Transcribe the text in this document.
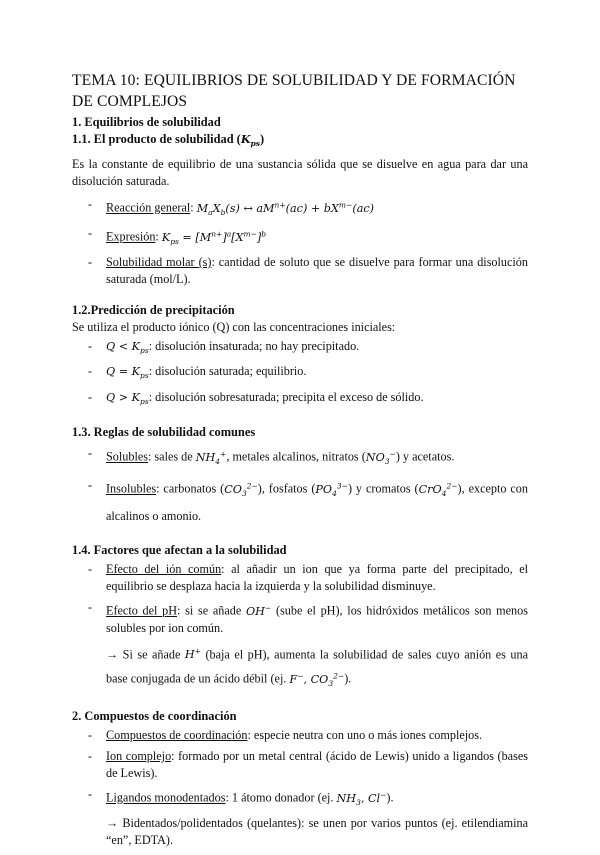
TEMA 10: EQUILIBRIOS DE SOLUBILIDAD Y DE FORMACIÓN DE COMPLEJOS
1. Equilibrios de solubilidad
1.1. El producto de solubilidad $(K_{ps})$

Es la constante de equilibrio de una sustancia sólida que se disuelve en agua para dar una disolución saturada.

- Reacción general: $M_aX_b(s)$ ↔ $aM^{n+}(ac) + bX^{m-}(ac)$
- Expresión: $K_{ps} = [M^{n+}]^a[X^{m-}]^b$
- Solubilidad molar (s): cantidad de soluto que se disuelve para formar una disolución saturada (mol/L).
1.2.Predicción de precipitación
Se utiliza el producto iónico (Q) con las concentraciones iniciales:
- $Q < K_{ps}$: disolución insaturada; no hay precipitado.
- $Q = K_{ps}$: disolución saturada; equilibrio.
- $Q > K_{ps}$: disolución sobresaturada; precipita el exceso de sólido.
1.3. Reglas de solubilidad comunes
- Solubles: sales de $NH_4^+$, metales alcalinos, nitratos $(NO_3^-)$ y acetatos.
- Insolubles: carbonatos $(CO_3^{2-})$, fosfatos $(PO_4^{3-})$ y cromatos (CrO$_4^{2-}$), excepto con alcalinos o amonio.
1.4. Factores que afectan a la solubilidad
- Efecto del ión común: al añadir un ion que ya forma parte del precipitado, el equilibrio se desplaza hacia la izquierda y la solubilidad disminuye.
- Efecto del pH: si se añade OH− (sube el pH), los hidróxidos metálicos son menos solubles por ion común.
→ Si se añade H+ (baja el pH), aumenta la solubilidad de sales cuyo anión es una base conjugada de un ácido débil (ej. F−, $CO_3^{2-}$).
2. Compuestos de coordinación
- Compuestos de coordinación: especie neutra con uno o más iones complejos.
- Ion complejo: formado por un metal central (ácido de Lewis) unido a ligandos (bases de Lewis).
- Ligandos monodentados: 1 átomo donador (ej. $NH_3$, Cl−).
→ Bidentados/polidentados (quelantes): se unen por varios puntos (ej. etilendiamina “en”, EDTA).
